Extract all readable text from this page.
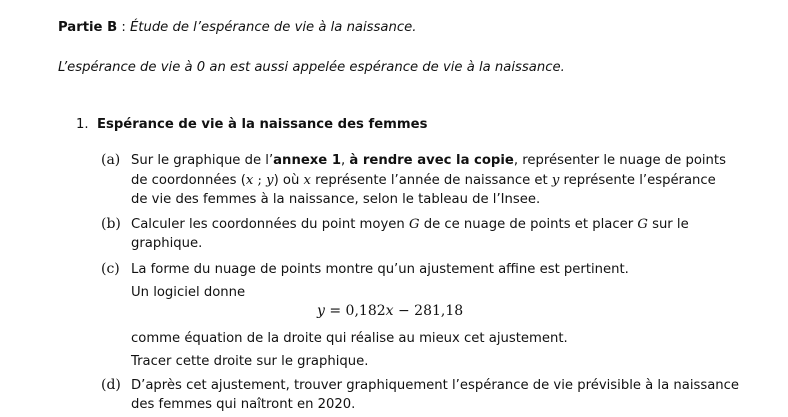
Partie B : Étude de l’espérance de vie à la naissance.
L’espérance de vie à 0 an est aussi appelée espérance de vie à la naissance.
1. Espérance de vie à la naissance des femmes
(a) Sur le graphique de l’annexe 1, à rendre avec la copie, représenter le nuage de points
de coordonnées (x ; y) où x représente l’année de naissance et y représente l’espérance
de vie des femmes à la naissance, selon le tableau de l’Insee.
(b) Calculer les coordonnées du point moyen G de ce nuage de points et placer G sur le
graphique.
(c) La forme du nuage de points montre qu’un ajustement affine est pertinent.
Un logiciel donne
y = 0,182x − 281,18
comme équation de la droite qui réalise au mieux cet ajustement.
Tracer cette droite sur le graphique.
(d) D’après cet ajustement, trouver graphiquement l’espérance de vie prévisible à la naissance
des femmes qui naîtront en 2020.
